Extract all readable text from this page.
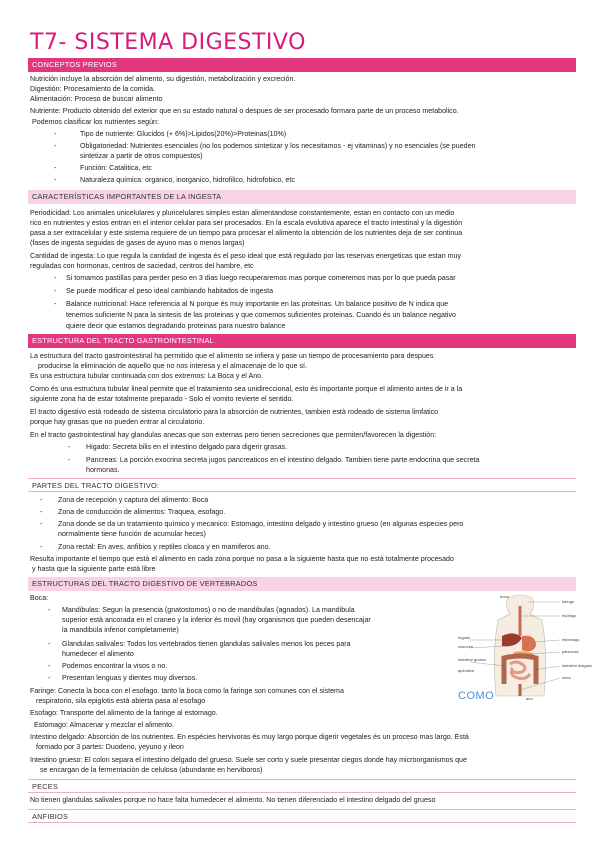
T7- SISTEMA DIGESTIVO
CONCEPTOS PREVIOS
Nutrición incluye la absorción del alimento, su digestión, metabolización y excreción.
Digestión: Procesamiento de la comida.
Alimentación: Proceso de buscar alimento
Nutriente: Producto obtenido del exterior que en su estado natural o despues de ser procesado formara parte de un proceso metabolico.
Podemos clasificar los nutrientes según:
-	Tipo de nutriente: Glucidos (+ 6%)>Lipidos(20%)>Proteinas(10%)
-	Obligatoriedad: Nutrientes esenciales (no los podemos sintetizar y los necesitamos - ej vitaminas) y no esenciales (se pueden
sintetizar a partir de otros compuestos)
-	Función: Catalitica, etc
-	Naturaleza química: organico, inorganico, hidrofilico, hidrofobico, etc
CARACTERÍSTICAS IMPORTANTES DE LA INGESTA
Periodicidad: Los animales unicelulares y pluricelulares simples estan alimentandose constantemente, estan en contacto con un medio
rico en nutrientes y estos entran en el interior celular para ser procesados. En la escala evolutiva aparece el tracto intestinal y la digestión
pasa a ser extracelular y este sistema requiere de un tiempo para procesar el alimento la obtención de los nutrientes deja de ser continua
(fases de ingesta seguidas de gases de ayuno mas o menos largas)
Cantidad de ingesta: Lo que regula la cantidad de ingesta és el peso ideal que está regulado por las reservas energeticas que estan muy
reguladas con hormonas, centros de saciedad, centros del hambre, etc
- Si tomamos pastillas para perder peso en 3 dias luego recuperaremos mas porque comeremos mas por lo que pueda pasar
- Se puede modificar el peso ideal cambiando habitados de ingesta
- Balance nutricional: Hace referencia al N porque és muy importante en las proteinas. Un balance positivo de N indica que
tenemos suficiente N para la sintesis de las proteinas y que comemos suficientes proteinas. Cuando és un balance negativo
quiere decir que estamos degradando proteinas para nuestro balance
ESTRUCTURA DEL TRACTO GASTROINTESTINAL
La estructura del tracto gastrointestinal ha permitido que el alimento se infiera y pase un tiempo de procesamiento para despues
producirse la eliminación de aquello que no nos interesa y el almacenaje de lo que sí.
Es una estructura tubular continuada con dos extremos: La Boca y el Ano.
Como és una estructura tubular lineal permite que el tratamiento sea unidireccional, esto és importante porque el alimento antes de ir a la
siguiente zona ha de estar totalmente preparado - Solo el vomito revierte el sentido.
El tracto digestivo està rodeado de sistema circulatorio para la absorción de nutrientes, tambien està rodeado de sistema limfatico
porque hay grasas que no pueden entrar al circulatorio.
En el tracto gastrointestinal hay glandulas anecas que son externas pero tienen secreciones que permiten/favorecen la digestión:
- Higado: Secreta bilis en el intestino delgado para digerir grasas.
- Pancreas: La porción exocrina secreta jugos pancreaticos en el intestino delgado. Tambien tiene parte endocrina que secreta
hormonas.
PARTES DEL TRACTO DIGESTIVO:
- Zona de recepción y captura del alimento: Boca
- Zona de conducción de alimentos: Traquea, esofago.
- Zona donde se da un tratamiento químico y mecanico: Estomago, intestino delgado y intestino grueso (en algunas especies pero
normalmente tiene función de acumular heces)
- Zona rectal: En aves, anfibios y reptiles cloaca y en mamiferos ano.
Resulta importante el tiempo que està el alimento en cada zona porque no pasa a la siguiente hasta que no està totalmente procesado
y hasta que la siguiente parte està libre
ESTRUCTURAS DEL TRACTO DIGESTIVO DE VERTEBRADOS
Boca:
- Mandibulas: Segun la presencia (gnatostomos) o no de mandibulas (agnados). La mandibula
superior està ancorada en el craneo y la inferior és movil (hay organismos que pueden desencajar
la mandibula inferior completamente)
- Glandulas salivales: Todos los vertebrados tienen glandulas salivales menos los peces para
humedecer el alimento
- Podemos encontrar la visos o no.
- Presentan lenguas y dientes muy diversos.
Faringe: Conecta la boca con el esofago. tanto la boca como la faringe son comunes con el sistema
respiratorio, sila epiglotis està abierta pasa al esofago
Esofago: Transporte del alimento de la faringe al estomago.
Estomago: Almacenar y mezclar el alimento.
Intestino delgado: Absorción de los nutrientes. En espécies hervivoras és muy largo porque digerir vegetales és un proceso mas largo. Està
formado por 3 partes: Duodeno, yeyuno y ileon
Intestino grueso: El colon separa el intestino delgado del grueso. Suele ser corto y suele presentar ciegos donde hay microorganismos que
se encargan de la fermentación de celulosa (abundante en herviboros)
PECES
No tienen glandulas salivales porque no hace falta humedecer el alimento. No tienen diferenciado el intestino delgado del grueso
ANFIBIOS
faringe
esófago
hígado
vesícula
estómago
páncreas
intestino grueso
intestino delgado
recto
apéndice
ano
boca
COMO
